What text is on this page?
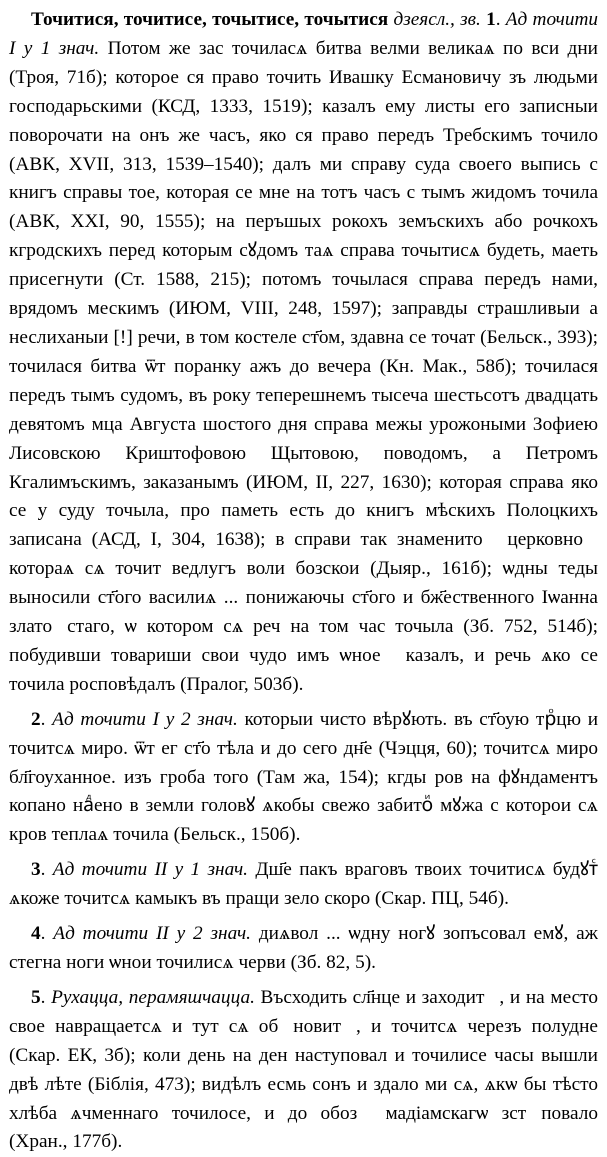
Точитися, точитисе, точытисе, точытися дзеясл., зв. 1. Ад точити I у 1 знач. Потом же зас точиласѧ битва велми великаѧ по вси дни (Троя, 71б); которое ся право точить Ивашку Есмановичу зъ людьми господарьскими (КСД, 1333, 1519); казалъ ему листы его записныи поворочати на онъ же часъ, яко ся право передъ Требскимъ точило (АВК, XVII, 313, 1539–1540); далъ ми справу суда своего выпись с книгъ справы тое, которая се мне на тотъ часъ с тымъ жидомъ точила (АВК, XXI, 90, 1555); на перъшых рокохъ земъскихъ або рочкохъ кгродскихъ перед которым сꙋдомъ таѧ справа точытисѧ будеть, маеть присегнути (Ст. 1588, 215); потомъ точылася справа передъ нами, врядомъ мескимъ (ИЮМ, VIII, 248, 1597); заправды страшливыи а неслиханыи [!] речи, в том костеле ст҃ом, здавна се точат (Бельск., 393); точилася битва ѿт поранку ажъ до вечера (Кн. Мак., 58б); точилася передъ тымъ судомъ, въ року теперешнемъ тысеча шестьсотъ двадцать девятомъ мца Августа шостого дня справа межы урожоными Зофиею Лисовскою Криштофовою Щытовою, поводомъ, а Петромъ Кгалимъскимъ, заказанымъ (ИЮМ, II, 227, 1630); которая справа яко се у суду точыла, про паметь есть до книгъ мѣскихъ Полоцкихъ записана (АСД, I, 304, 1638); в справи так знаменитоⷭ церковноⷭ котораѧ сѧ точит ведлугъ воли бозскои (Дыяр., 161б); ѡдны теды выносили ст҃ого василиѧ ... понижаючы ст҃ого и бж҃ественного Іѡанна златоꙋстаго, ѡ котором сѧ реч на том час точыла (Зб. 752, 514б); побудивши товариши свои чудо имъ ѡное ꙋказалъ, и речь ѧко се точила росповѣдалъ (Пралог, 503б).

2. Ад точити I у 2 знач. которыи чисто вѣрꙋють. въ ст҃оую трⷪцю и точитсѧ миро. ѿт ег ст҃о тѣла и до сего дн҃е (Чэцця, 60); точитсѧ миро бл҃гоуханное. изъ гроба того (Там жа, 154); кгды ров на фꙋндаментъ копано наⷣено в земли головꙋ ѧкобы свежо забитоꙵ мꙋжа с которои сѧ кров теплаѧ точила (Бельск., 150б).

3. Ад точити II у 1 знач. Дш҃е пакъ враговъ твоих точитисѧ будꙋтⷭ ѧкоже точитсѧ камыкъ въ пращи зело скоро (Скар. ПЦ, 54б).

4. Ад точити II у 2 знач. диѧвол ... ѡдну ногꙋ зопъсовал емꙋ, аж стегна ноги ѡнои точилисѧ черви (Зб. 82, 5).

5. Рухацца, перамяшчацца. Въсходить сл҃нце и заходитⷭ, и на место свое навращаетсѧ и тут сѧ обⷭновитⷭ, и точитсѧ черезъ полудне (Скар. ЕК, 3б); коли день на ден наступовал и точилисе часы вышли двѣ лѣте (Біблія, 473); видѣлъ есмь сонъ и здало ми сѧ, ѧкѡ бы тѣсто хлѣба ѧчменнаго точилосе, и до обозꙋ мадіамскагѡ зстꙋповало (Хран., 177б).
